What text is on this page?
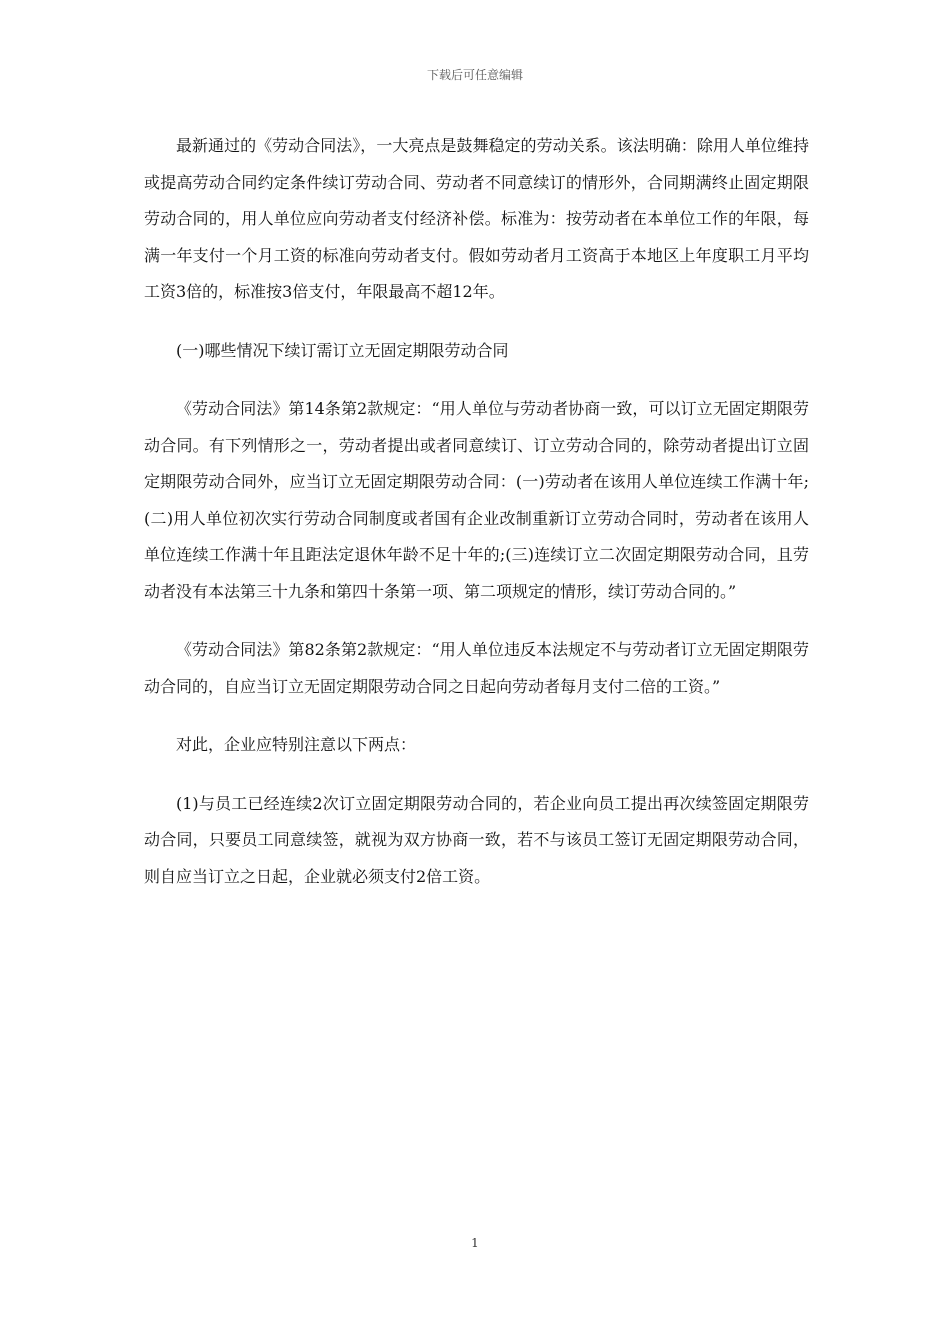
下载后可任意编辑

最新通过的《劳动合同法》，一大亮点是鼓舞稳定的劳动关系。该法明确：除用人单位维持或提高劳动合同约定条件续订劳动合同、劳动者不同意续订的情形外，合同期满终止固定期限劳动合同的，用人单位应向劳动者支付经济补偿。标准为：按劳动者在本单位工作的年限，每满一年支付一个月工资的标准向劳动者支付。假如劳动者月工资高于本地区上年度职工月平均工资3倍的，标准按3倍支付，年限最高不超12年。

(一)哪些情况下续订需订立无固定期限劳动合同

《劳动合同法》第14条第2款规定：“用人单位与劳动者协商一致，可以订立无固定期限劳动合同。有下列情形之一，劳动者提出或者同意续订、订立劳动合同的，除劳动者提出订立固定期限劳动合同外，应当订立无固定期限劳动合同：(一)劳动者在该用人单位连续工作满十年;(二)用人单位初次实行劳动合同制度或者国有企业改制重新订立劳动合同时，劳动者在该用人单位连续工作满十年且距法定退休年龄不足十年的;(三)连续订立二次固定期限劳动合同，且劳动者没有本法第三十九条和第四十条第一项、第二项规定的情形，续订劳动合同的。”

《劳动合同法》第82条第2款规定：“用人单位违反本法规定不与劳动者订立无固定期限劳动合同的，自应当订立无固定期限劳动合同之日起向劳动者每月支付二倍的工资。”

对此，企业应特别注意以下两点：

(1)与员工已经连续2次订立固定期限劳动合同的，若企业向员工提出再次续签固定期限劳动合同，只要员工同意续签，就视为双方协商一致，若不与该员工签订无固定期限劳动合同，则自应当订立之日起，企业就必须支付2倍工资。

1
